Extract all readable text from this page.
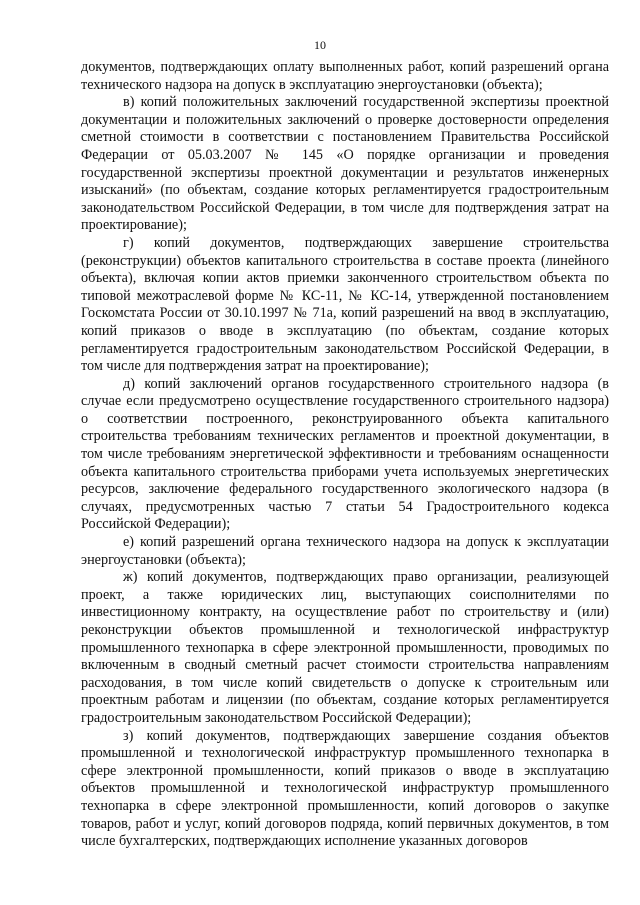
10

документов, подтверждающих оплату выполненных работ, копий разрешений органа технического надзора на допуск в эксплуатацию энергоустановки (объекта);

в) копий положительных заключений государственной экспертизы проектной документации и положительных заключений о проверке достоверности определения сметной стоимости в соответствии с постановлением Правительства Российской Федерации от 05.03.2007 № 145 «О порядке организации и проведения государственной экспертизы проектной документации и результатов инженерных изысканий» (по объектам, создание которых регламентируется градостроительным законодательством Российской Федерации, в том числе для подтверждения затрат на проектирование);

г) копий документов, подтверждающих завершение строительства (реконструкции) объектов капитального строительства в составе проекта (линейного объекта), включая копии актов приемки законченного строительством объекта по типовой межотраслевой форме № КС-11, № КС-14, утвержденной постановлением Госкомстата России от 30.10.1997 № 71а, копий разрешений на ввод в эксплуатацию, копий приказов о вводе в эксплуатацию (по объектам, создание которых регламентируется градостроительным законодательством Российской Федерации, в том числе для подтверждения затрат на проектирование);

д) копий заключений органов государственного строительного надзора (в случае если предусмотрено осуществление государственного строительного надзора) о соответствии построенного, реконструированного объекта капитального строительства требованиям технических регламентов и проектной документации, в том числе требованиям энергетической эффективности и требованиям оснащенности объекта капитального строительства приборами учета используемых энергетических ресурсов, заключение федерального государственного экологического надзора (в случаях, предусмотренных частью 7 статьи 54 Градостроительного кодекса Российской Федерации);

е) копий разрешений органа технического надзора на допуск к эксплуатации энергоустановки (объекта);

ж) копий документов, подтверждающих право организации, реализующей проект, а также юридических лиц, выступающих соисполнителями по инвестиционному контракту, на осуществление работ по строительству и (или) реконструкции объектов промышленной и технологической инфраструктур промышленного технопарка в сфере электронной промышленности, проводимых по включенным в сводный сметный расчет стоимости строительства направлениям расходования, в том числе копий свидетельств о допуске к строительным или проектным работам и лицензии (по объектам, создание которых регламентируется градостроительным законодательством Российской Федерации);

з) копий документов, подтверждающих завершение создания объектов промышленной и технологической инфраструктур промышленного технопарка в сфере электронной промышленности, копий приказов о вводе в эксплуатацию объектов промышленной и технологической инфраструктур промышленного технопарка в сфере электронной промышленности, копий договоров о закупке товаров, работ и услуг, копий договоров подряда, копий первичных документов, в том числе бухгалтерских, подтверждающих исполнение указанных договоров
